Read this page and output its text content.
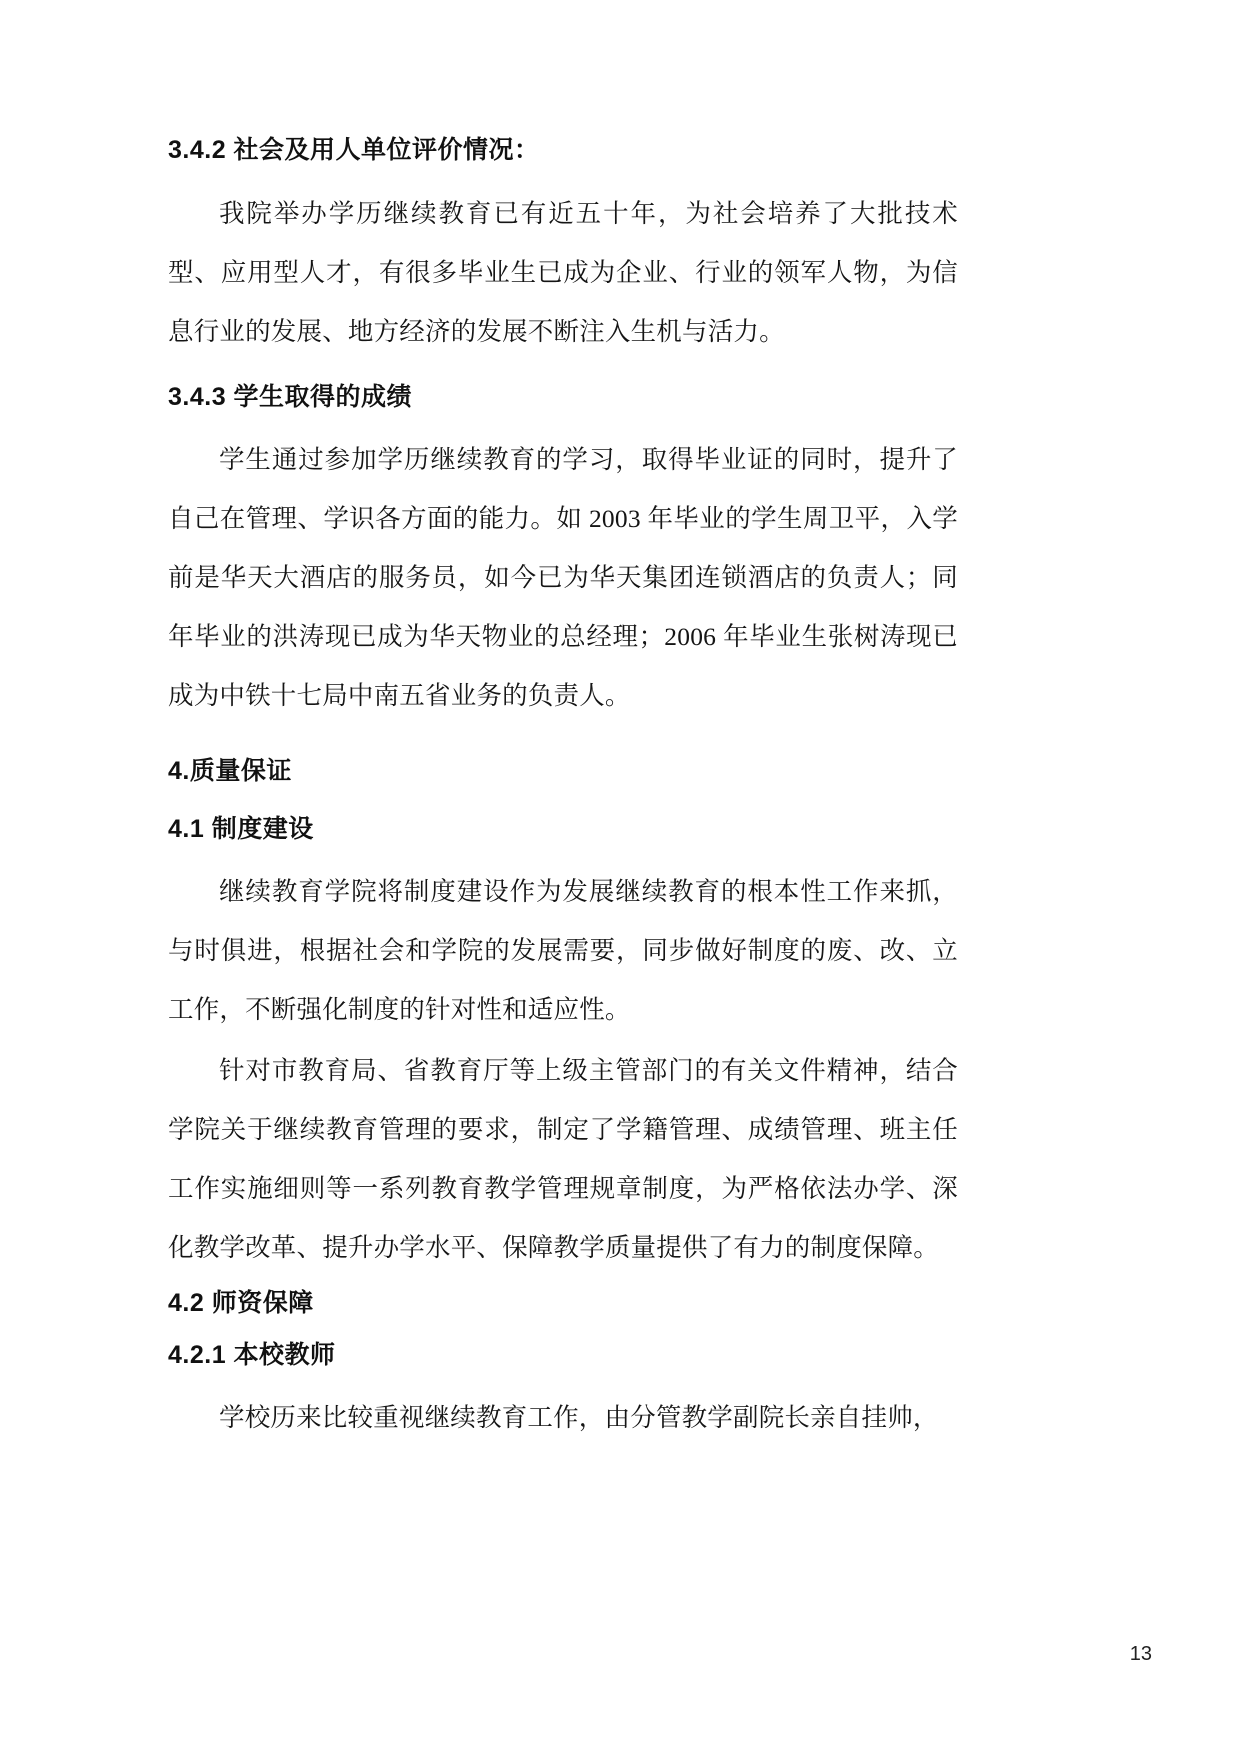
3.4.2 社会及用人单位评价情况：
我院举办学历继续教育已有近五十年，为社会培养了大批技术型、应用型人才，有很多毕业生已成为企业、行业的领军人物，为信息行业的发展、地方经济的发展不断注入生机与活力。
3.4.3 学生取得的成绩
学生通过参加学历继续教育的学习，取得毕业证的同时，提升了自己在管理、学识各方面的能力。如 2003 年毕业的学生周卫平，入学前是华天大酒店的服务员，如今已为华天集团连锁酒店的负责人；同年毕业的洪涛现已成为华天物业的总经理；2006 年毕业生张树涛现已成为中铁十七局中南五省业务的负责人。
4.质量保证
4.1 制度建设
继续教育学院将制度建设作为发展继续教育的根本性工作来抓，与时俱进，根据社会和学院的发展需要，同步做好制度的废、改、立工作，不断强化制度的针对性和适应性。
针对市教育局、省教育厅等上级主管部门的有关文件精神，结合学院关于继续教育管理的要求，制定了学籍管理、成绩管理、班主任工作实施细则等一系列教育教学管理规章制度，为严格依法办学、深化教学改革、提升办学水平、保障教学质量提供了有力的制度保障。
4.2 师资保障
4.2.1 本校教师
学校历来比较重视继续教育工作，由分管教学副院长亲自挂帅，
13
